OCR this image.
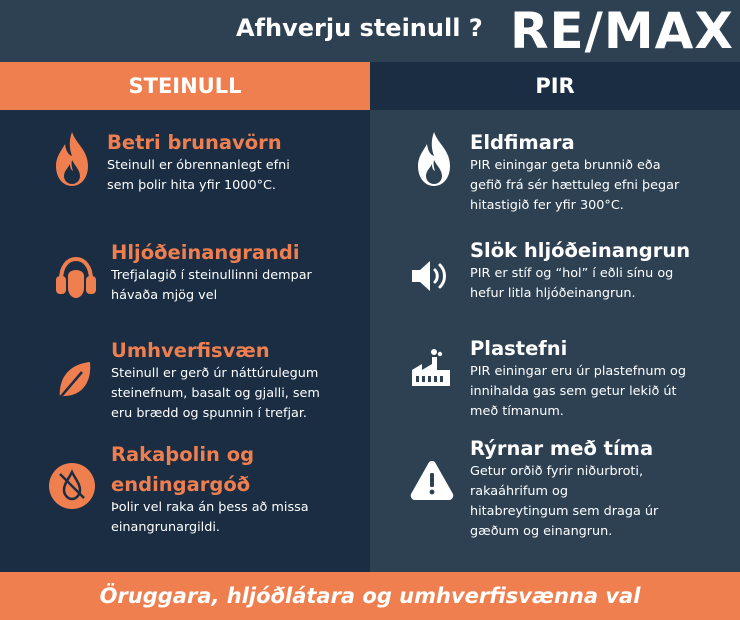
Afhverju steinull ? RE/MAX
STEINULL	PIR
Betri brunavörn
Steinull er óbrennanlegt efni
sem þolir hita yfir 1000°C.
Hljóðeinangrandi
Trefjalagið í steinullinni dempar
hávaða mjög vel
Umhverfisvæn
Steinull er gerð úr náttúrulegum
steinefnum, basalt og gjalli, sem
eru brædd og spunnin í trefjar.
Rakaþolin og
endingargóð
Þolir vel raka án þess að missa
einangrunargildi.
Eldfimara
PIR einingar geta brunnið eða
gefið frá sér hættuleg efni þegar
hitastigið fer yfir 300°C.
Slök hljóðeinangrun
PIR er stíf og “hol” í eðli sínu og
hefur litla hljóðeinangrun.
Plastefni
PIR einingar eru úr plastefnum og
innihalda gas sem getur lekið út
með tímanum.
Rýrnar með tíma
Getur orðið fyrir niðurbroti,
rakaáhrifum og
hitabreytingum sem draga úr
gæðum og einangrun.
Öruggara, hljóðlátara og umhverfisvænna val
